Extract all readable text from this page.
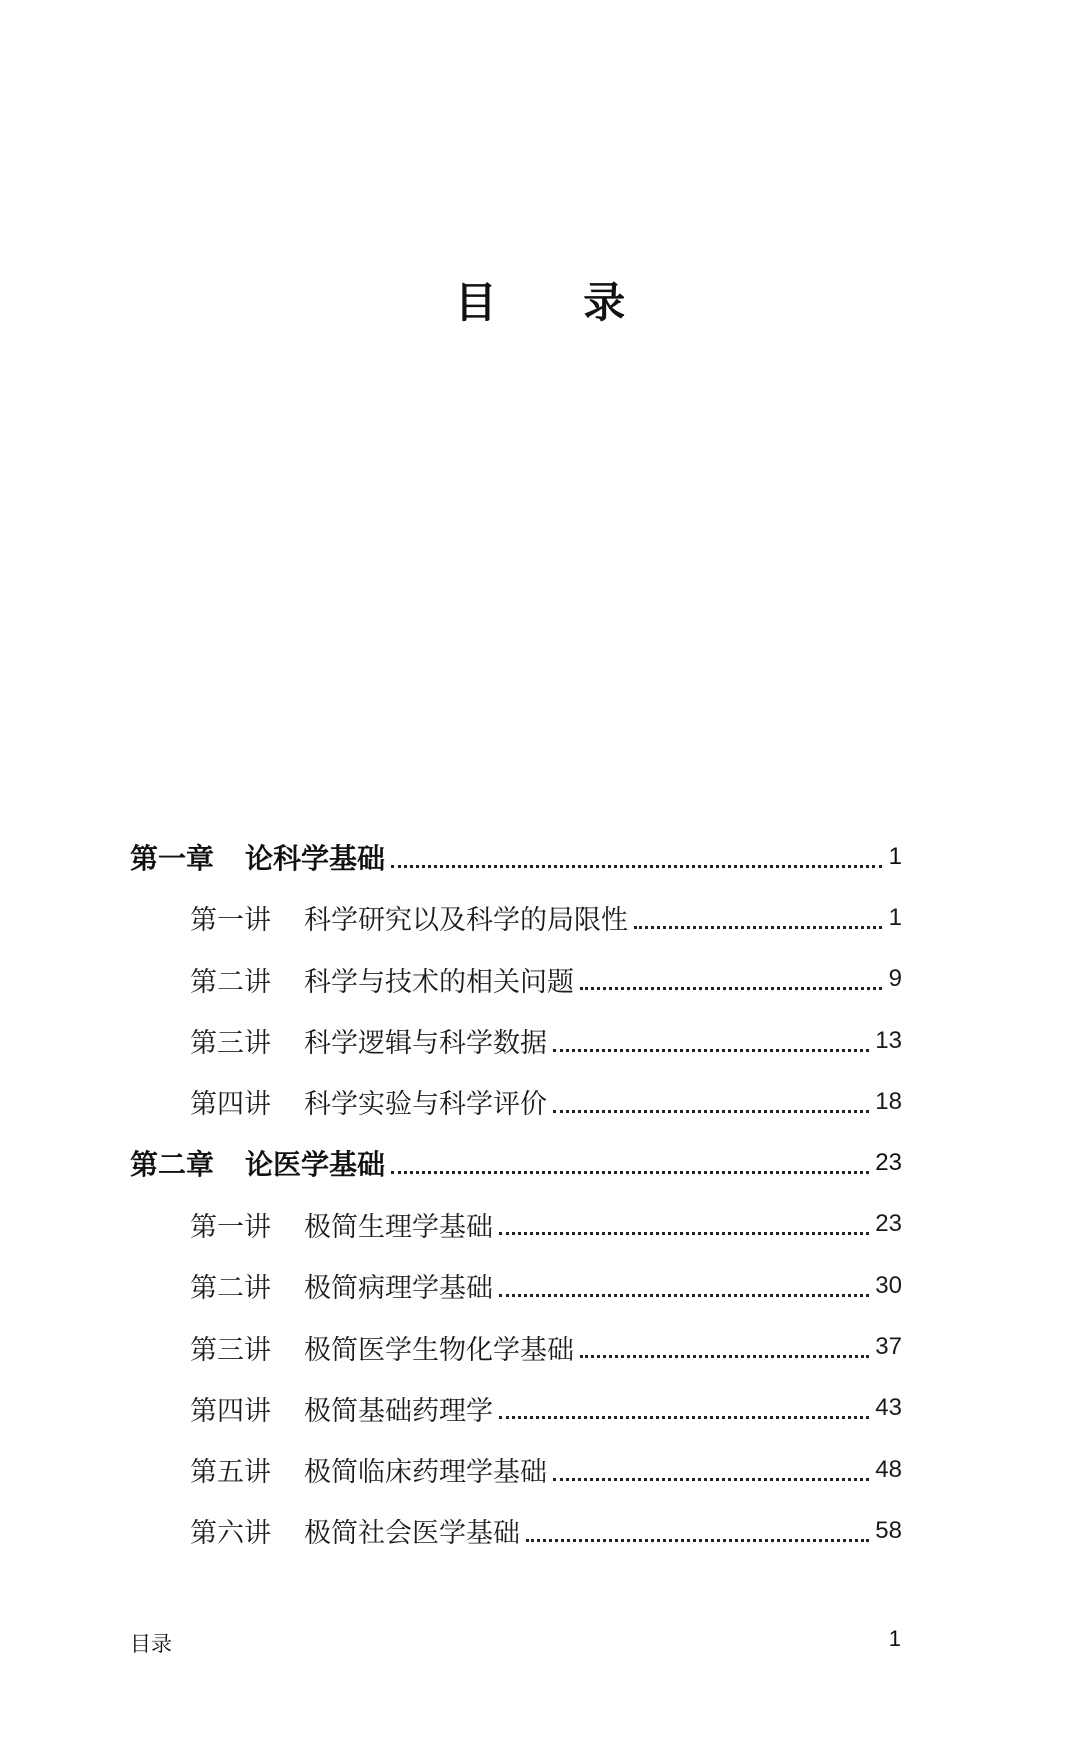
目 录
第一章	论科学基础	1
第一讲	科学研究以及科学的局限性	1
第二讲	科学与技术的相关问题	9
第三讲	科学逻辑与科学数据	13
第四讲	科学实验与科学评价	18
第二章	论医学基础	23
第一讲	极简生理学基础	23
第二讲	极简病理学基础	30
第三讲	极简医学生物化学基础	37
第四讲	极简基础药理学	43
第五讲	极简临床药理学基础	48
第六讲	极简社会医学基础	58
目录	1
